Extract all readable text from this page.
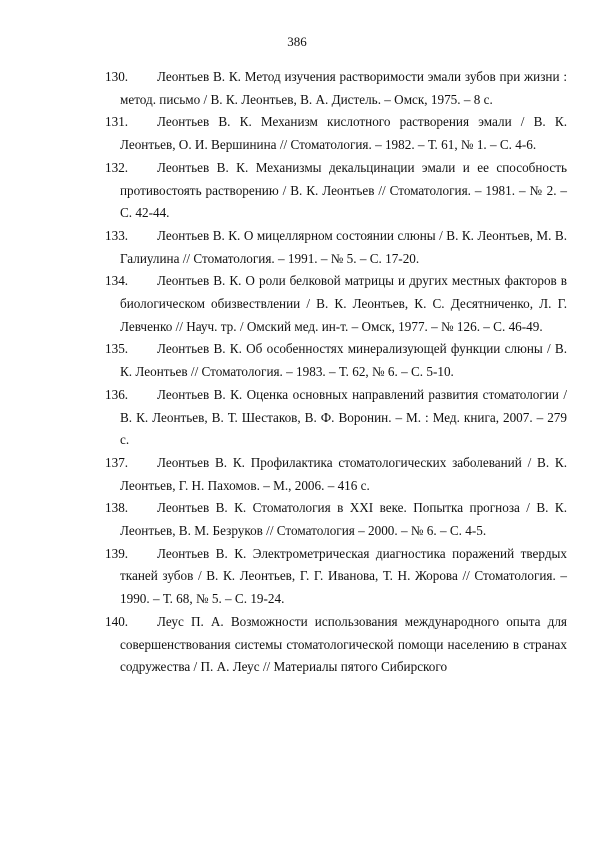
386
130.	Леонтьев В. К. Метод изучения растворимости эмали зубов при жизни : метод. письмо / В. К. Леонтьев, В. А. Дистель. – Омск, 1975. – 8 с.
131.	Леонтьев В. К. Механизм кислотного растворения эмали / В. К. Леонтьев, О. И. Вершинина // Стоматология. – 1982. – Т. 61, № 1. – С. 4-6.
132.	Леонтьев В. К. Механизмы декальцинации эмали и ее способность противостоять растворению / В. К. Леонтьев // Стоматология. – 1981. – № 2. – С. 42-44.
133.	Леонтьев В. К. О мицеллярном состоянии слюны / В. К. Леонтьев, М. В. Галиулина // Стоматология. – 1991. – № 5. – С. 17-20.
134.	Леонтьев В. К. О роли белковой матрицы и других местных факторов в биологическом обизвествлении / В. К. Леонтьев, К. С. Десятниченко, Л. Г. Левченко // Науч. тр. / Омский мед. ин-т. – Омск, 1977. – № 126. – С. 46-49.
135.	Леонтьев В. К. Об особенностях минерализующей функции слюны / В. К. Леонтьев // Стоматология. – 1983. – Т. 62, № 6. – С. 5-10.
136.	Леонтьев В. К. Оценка основных направлений развития стоматологии / В. К. Леонтьев, В. Т. Шестаков, В. Ф. Воронин. – М. : Мед. книга, 2007. – 279 с.
137.	Леонтьев В. К. Профилактика стоматологических заболеваний / В. К. Леонтьев, Г. Н. Пахомов. – М., 2006. – 416 с.
138.	Леонтьев В. К. Стоматология в XXI веке. Попытка прогноза / В. К. Леонтьев, В. М. Безруков // Стоматология – 2000. – № 6. – С. 4-5.
139.	Леонтьев В. К. Электрометрическая диагностика поражений твердых тканей зубов / В. К. Леонтьев, Г. Г. Иванова, Т. Н. Жорова // Стоматология. – 1990. – Т. 68, № 5. – С. 19-24.
140.	Леус П. А. Возможности использования международного опыта для совершенствования системы стоматологической помощи населению в странах содружества / П. А. Леус // Материалы пятого Сибирского
